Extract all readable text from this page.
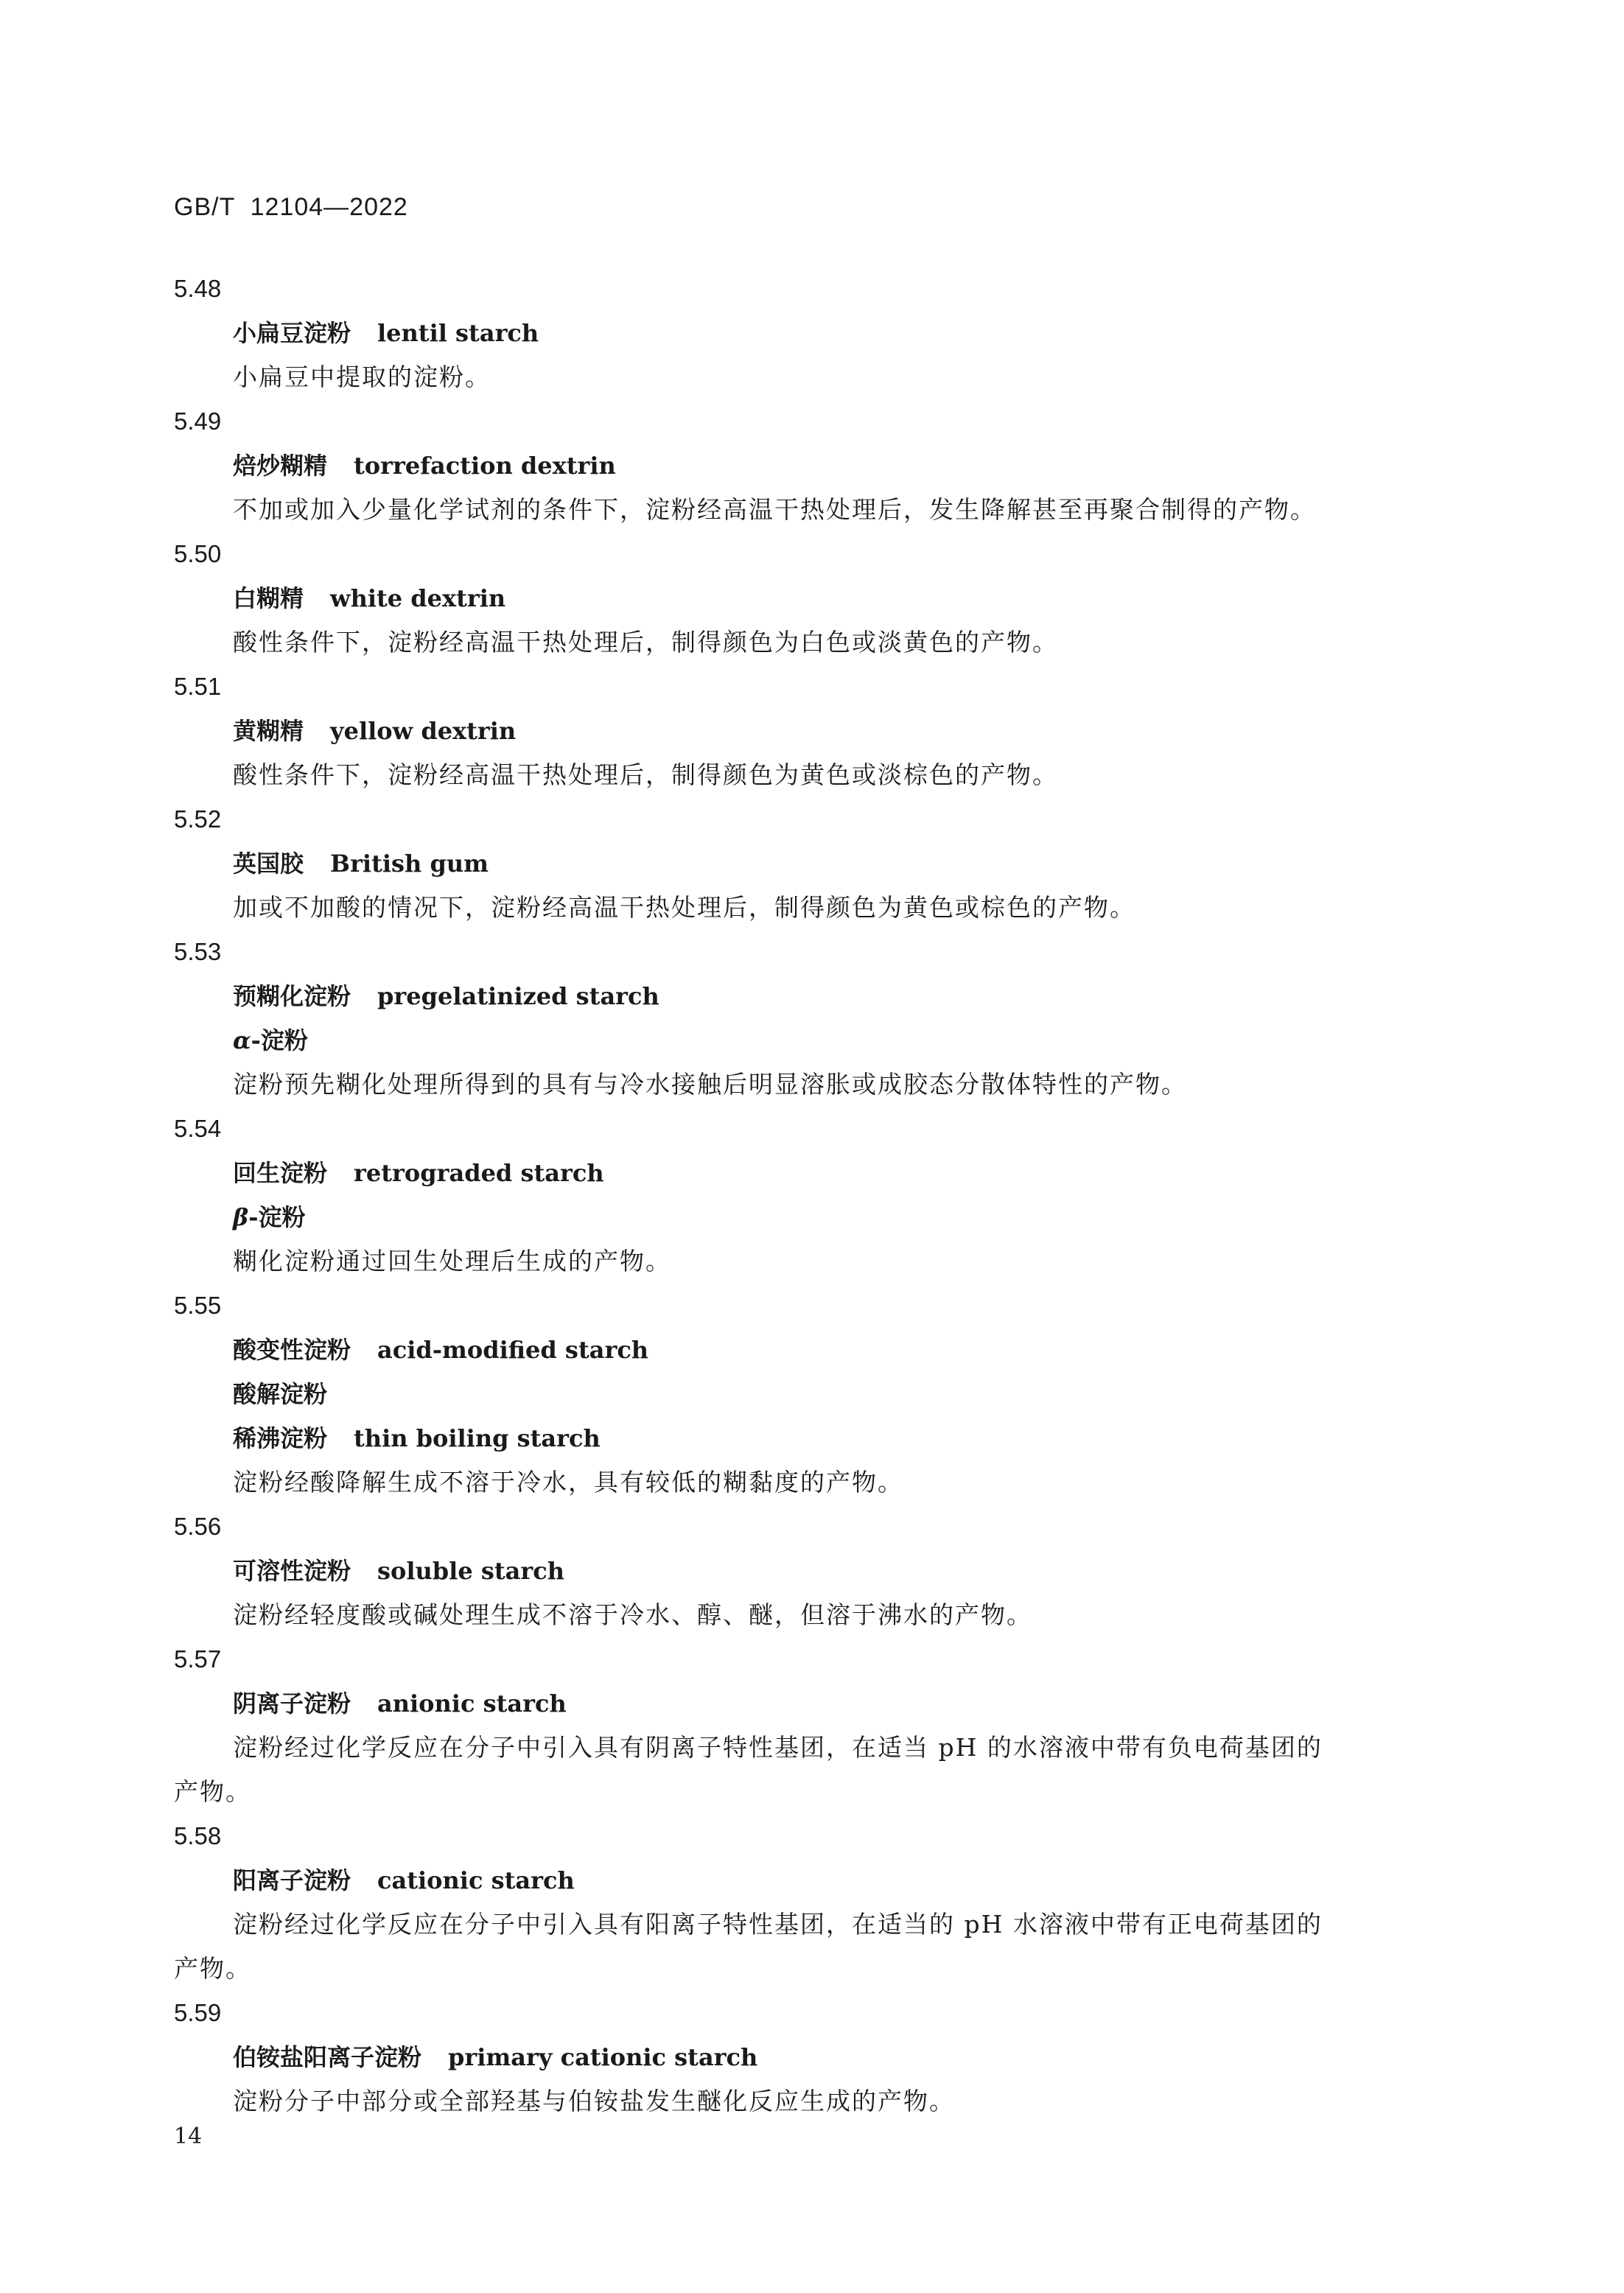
GB/T  12104—2022
5.48
小扁豆淀粉 lentil starch
小扁豆中提取的淀粉。
5.49
焙炒糊精 torrefaction dextrin
不加或加入少量化学试剂的条件下，淀粉经高温干热处理后，发生降解甚至再聚合制得的产物。
5.50
白糊精 white dextrin
酸性条件下，淀粉经高温干热处理后，制得颜色为白色或淡黄色的产物。
5.51
黄糊精 yellow dextrin
酸性条件下，淀粉经高温干热处理后，制得颜色为黄色或淡棕色的产物。
5.52
英国胶 British gum
加或不加酸的情况下，淀粉经高温干热处理后，制得颜色为黄色或棕色的产物。
5.53
预糊化淀粉 pregelatinized starch
α-淀粉
淀粉预先糊化处理所得到的具有与冷水接触后明显溶胀或成胶态分散体特性的产物。
5.54
回生淀粉 retrograded starch
β-淀粉
糊化淀粉通过回生处理后生成的产物。
5.55
酸变性淀粉 acid-modified starch
酸解淀粉
稀沸淀粉 thin boiling starch
淀粉经酸降解生成不溶于冷水，具有较低的糊黏度的产物。
5.56
可溶性淀粉 soluble starch
淀粉经轻度酸或碱处理生成不溶于冷水、醇、醚，但溶于沸水的产物。
5.57
阴离子淀粉 anionic starch
淀粉经过化学反应在分子中引入具有阴离子特性基团，在适当 pH 的水溶液中带有负电荷基团的
产物。
5.58
阳离子淀粉 cationic starch
淀粉经过化学反应在分子中引入具有阳离子特性基团，在适当的 pH 水溶液中带有正电荷基团的
产物。
5.59
伯铵盐阳离子淀粉 primary cationic starch
淀粉分子中部分或全部羟基与伯铵盐发生醚化反应生成的产物。
14
